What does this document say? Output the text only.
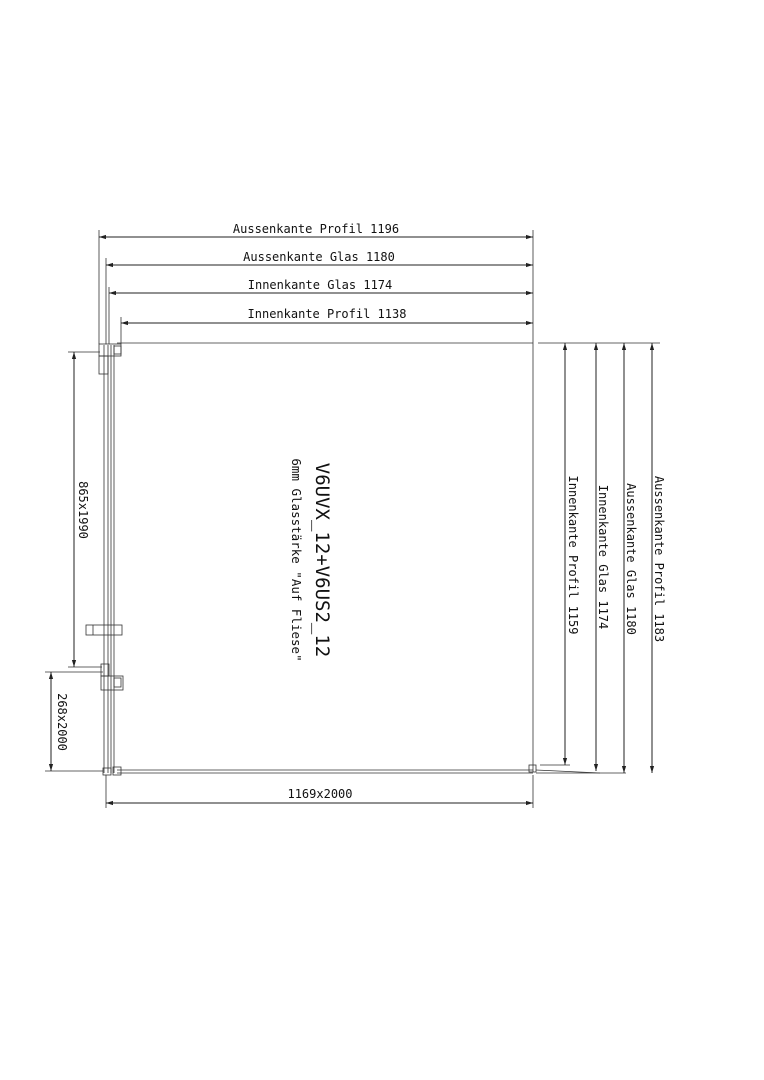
Aussenkante Profil 1196
Aussenkante Glas 1180
Innenkante Glas 1174
Innenkante Profil 1138
Innenkante Profil 1159 Innenkante Glas 1174 Aussenkante Glas 1180 Aussenkante Profil 1183
865x1990
268x2000
1169x2000
V6UVX_12+V6US2_12
6mm Glasstärke "Auf Fliese"
